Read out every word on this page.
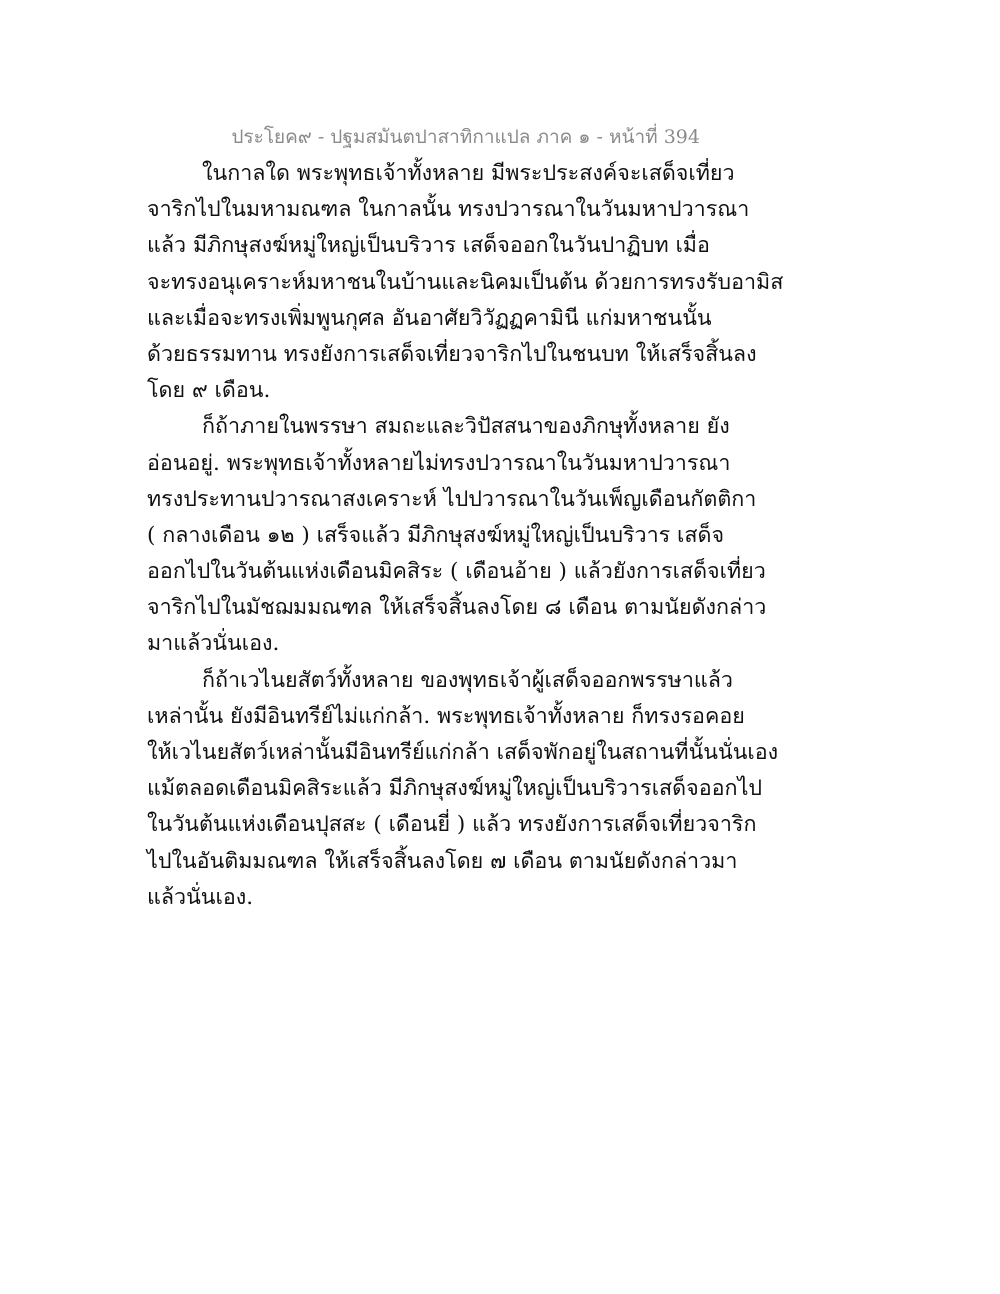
ประโยค๙ - ปฐมสมันตปาสาทิกาแปล ภาค ๑ - หน้าที่ 394
ในกาลใด พระพุทธเจ้าทั้งหลาย มีพระประสงค์จะเสด็จเที่ยว
จาริกไปในมหามณฑล ในกาลนั้น ทรงปวารณาในวันมหาปวารณา
แล้ว มีภิกษุสงฆ์หมู่ใหญ่เป็นบริวาร เสด็จออกในวันปาฏิบท เมื่อ
จะทรงอนุเคราะห์มหาชนในบ้านและนิคมเป็นต้น ด้วยการทรงรับอามิส
และเมื่อจะทรงเพิ่มพูนกุศล อันอาศัยวิวัฏฏคามินี แก่มหาชนนั้น
ด้วยธรรมทาน ทรงยังการเสด็จเที่ยวจาริกไปในชนบท ให้เสร็จสิ้นลง
โดย ๙ เดือน.
ก็ถ้าภายในพรรษา สมถะและวิปัสสนาของภิกษุทั้งหลาย ยัง
อ่อนอยู่. พระพุทธเจ้าทั้งหลายไม่ทรงปวารณาในวันมหาปวารณา
ทรงประทานปวารณาสงเคราะห์ ไปปวารณาในวันเพ็ญเดือนกัตติกา
( กลางเดือน ๑๒ ) เสร็จแล้ว มีภิกษุสงฆ์หมู่ใหญ่เป็นบริวาร เสด็จ
ออกไปในวันต้นแห่งเดือนมิคสิระ ( เดือนอ้าย ) แล้วยังการเสด็จเที่ยว
จาริกไปในมัชฌมมณฑล ให้เสร็จสิ้นลงโดย ๘ เดือน ตามนัยดังกล่าว
มาแล้วนั่นเอง.
ก็ถ้าเวไนยสัตว์ทั้งหลาย ของพุทธเจ้าผู้เสด็จออกพรรษาแล้ว
เหล่านั้น ยังมีอินทรีย์ไม่แก่กล้า. พระพุทธเจ้าทั้งหลาย ก็ทรงรอคอย
ให้เวไนยสัตว์เหล่านั้นมีอินทรีย์แก่กล้า เสด็จพักอยู่ในสถานที่นั้นนั่นเอง
แม้ตลอดเดือนมิคสิระแล้ว มีภิกษุสงฆ์หมู่ใหญ่เป็นบริวารเสด็จออกไป
ในวันต้นแห่งเดือนปุสสะ ( เดือนยี่ ) แล้ว ทรงยังการเสด็จเที่ยวจาริก
ไปในอันติมมณฑล ให้เสร็จสิ้นลงโดย ๗ เดือน ตามนัยดังกล่าวมา
แล้วนั่นเอง.
